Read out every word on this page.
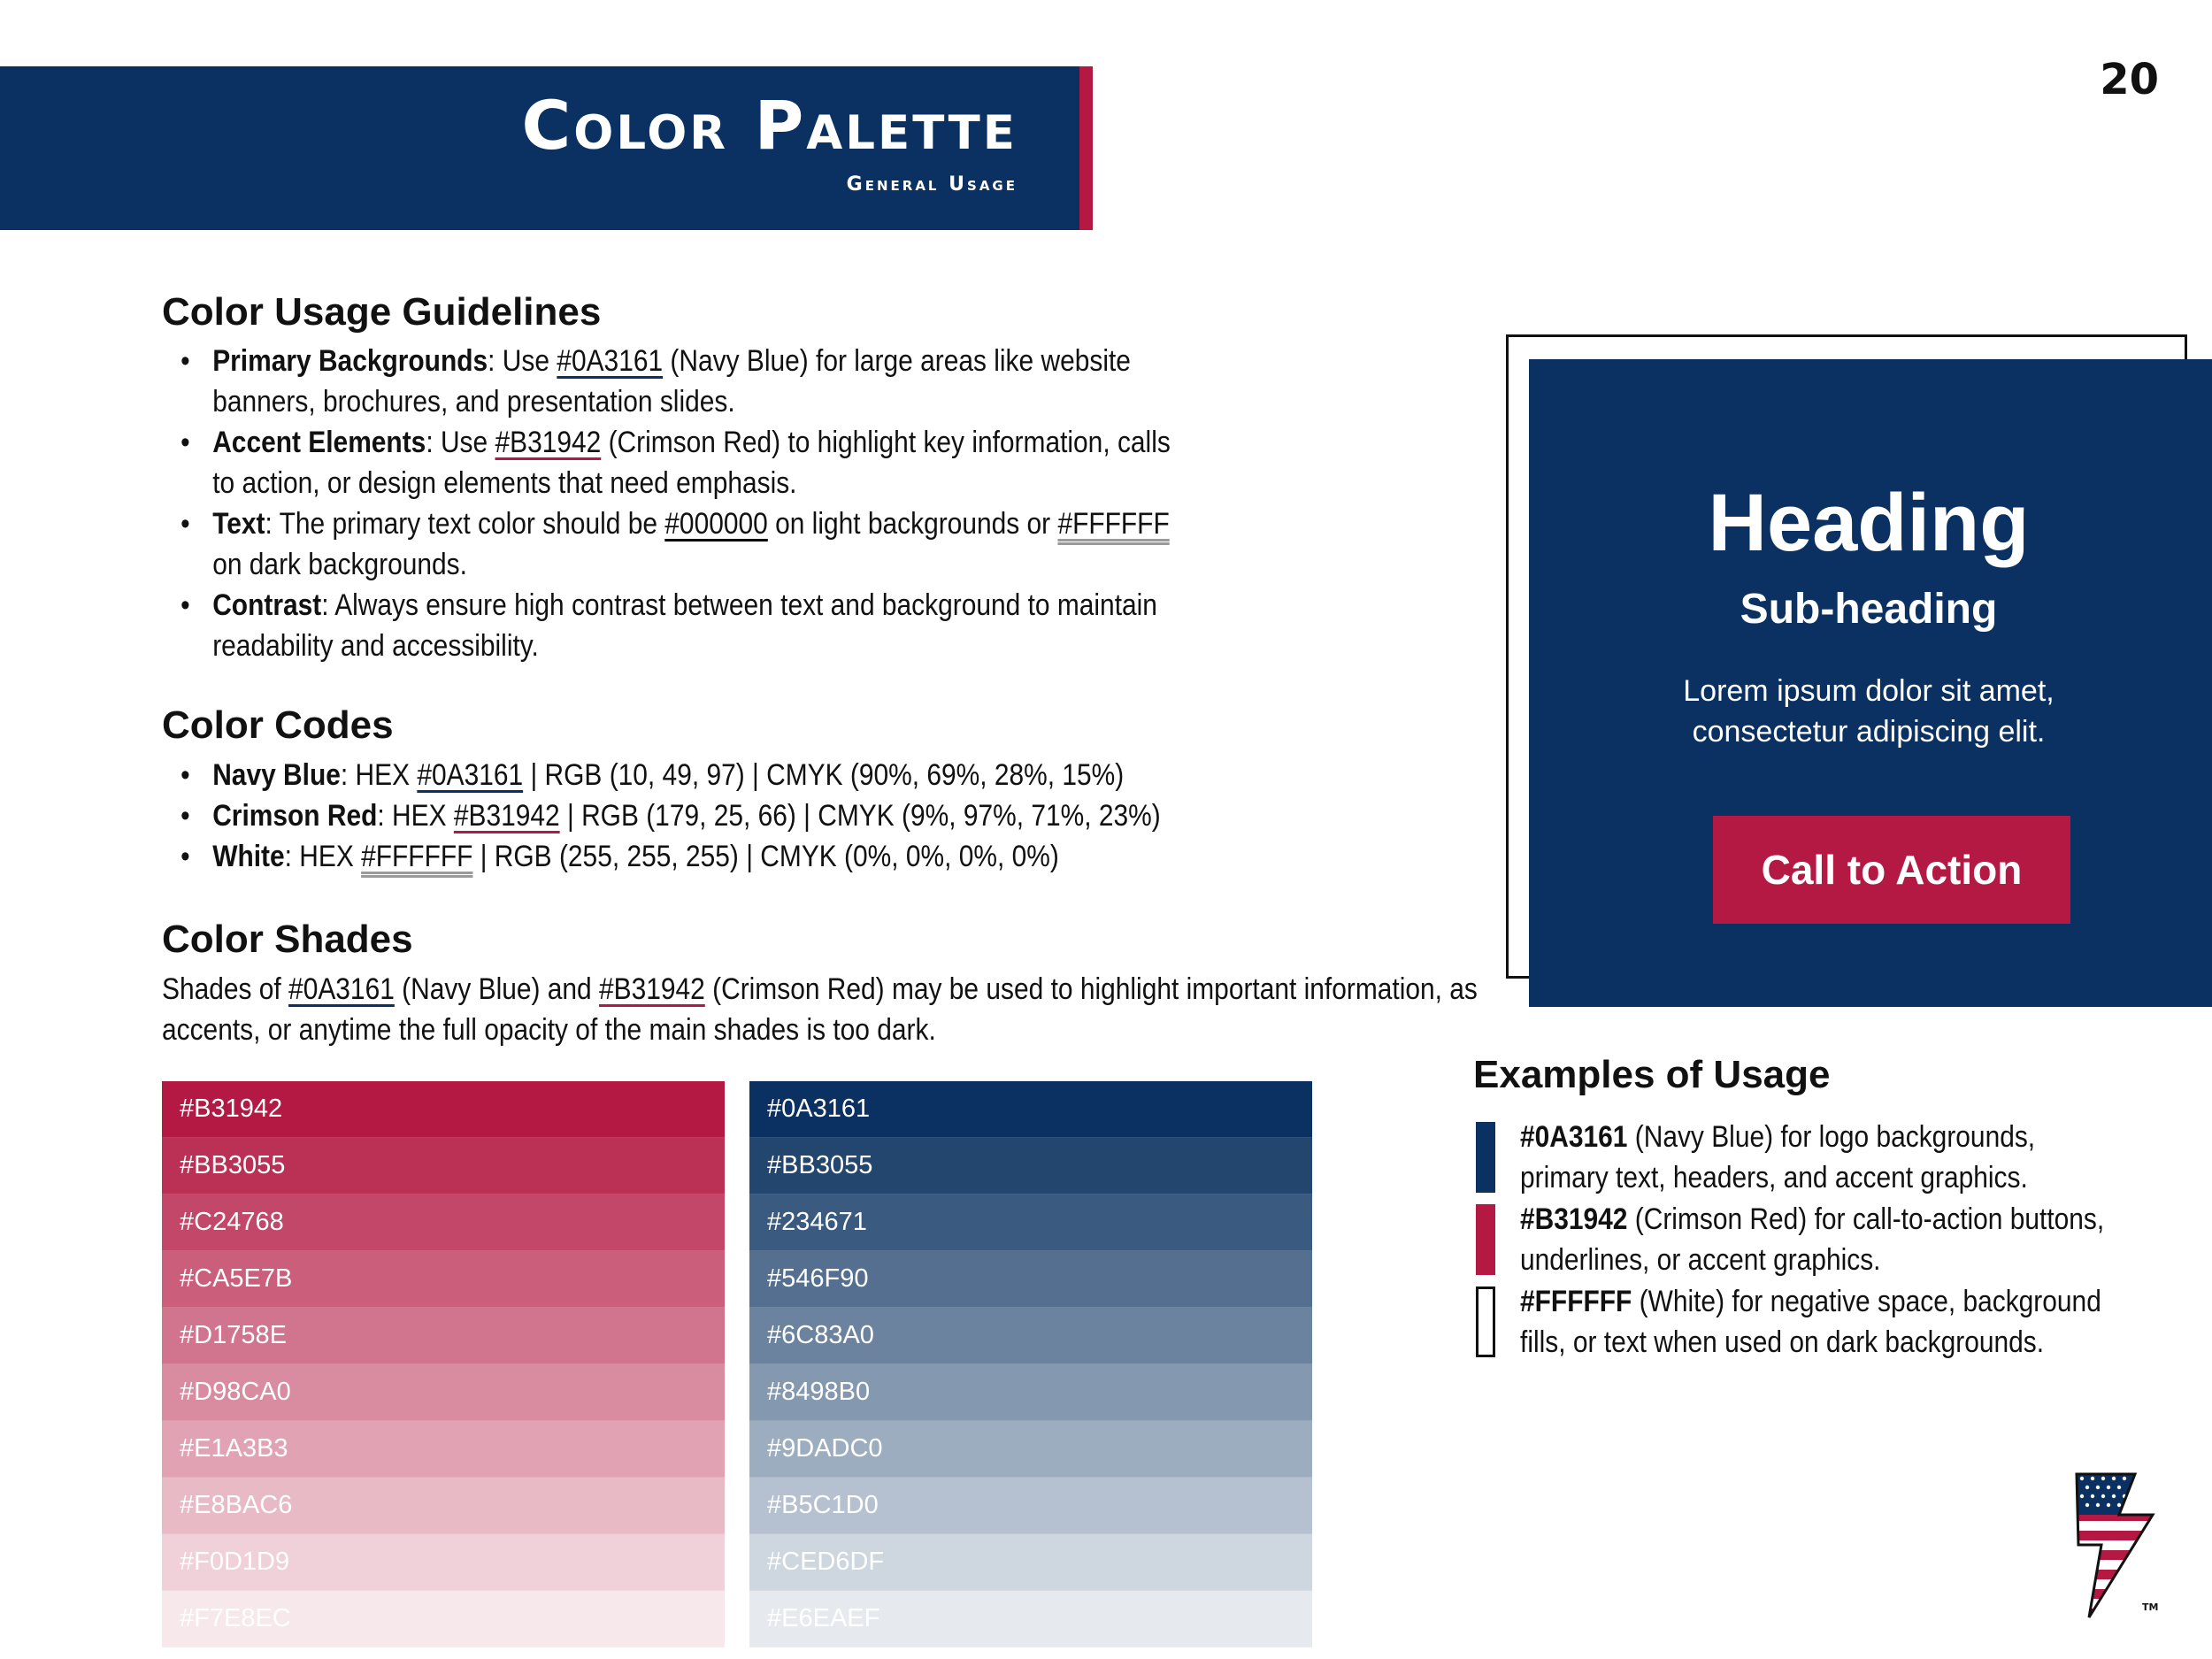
Color Palette
General Usage
20
Color Usage Guidelines
• Primary Backgrounds: Use #0A3161 (Navy Blue) for large areas like website banners, brochures, and presentation slides.
• Accent Elements: Use #B31942 (Crimson Red) to highlight key information, calls to action, or design elements that need emphasis.
• Text: The primary text color should be #000000 on light backgrounds or #FFFFFF on dark backgrounds.
• Contrast: Always ensure high contrast between text and background to maintain readability and accessibility.
Color Codes
• Navy Blue: HEX #0A3161 | RGB (10, 49, 97) | CMYK (90%, 69%, 28%, 15%)
• Crimson Red: HEX #B31942 | RGB (179, 25, 66) | CMYK (9%, 97%, 71%, 23%)
• White: HEX #FFFFFF | RGB (255, 255, 255) | CMYK (0%, 0%, 0%, 0%)
Color Shades
Shades of #0A3161 (Navy Blue) and #B31942 (Crimson Red) may be used to highlight important information, as accents, or anytime the full opacity of the main shades is too dark.
#B31942
#BB3055
#C24768
#CA5E7B
#D1758E
#D98CA0
#E1A3B3
#E8BAC6
#F0D1D9
#F7E8EC
#0A3161
#BB3055
#234671
#546F90
#6C83A0
#8498B0
#9DADC0
#B5C1D0
#CED6DF
#E6EAEF
Heading
Sub-heading
Lorem ipsum dolor sit amet,
consectetur adipiscing elit.
Call to Action
Examples of Usage
#0A3161 (Navy Blue) for logo backgrounds, primary text, headers, and accent graphics.
#B31942 (Crimson Red) for call-to-action buttons, underlines, or accent graphics.
#FFFFFF (White) for negative space, background fills, or text when used on dark backgrounds.
TM
